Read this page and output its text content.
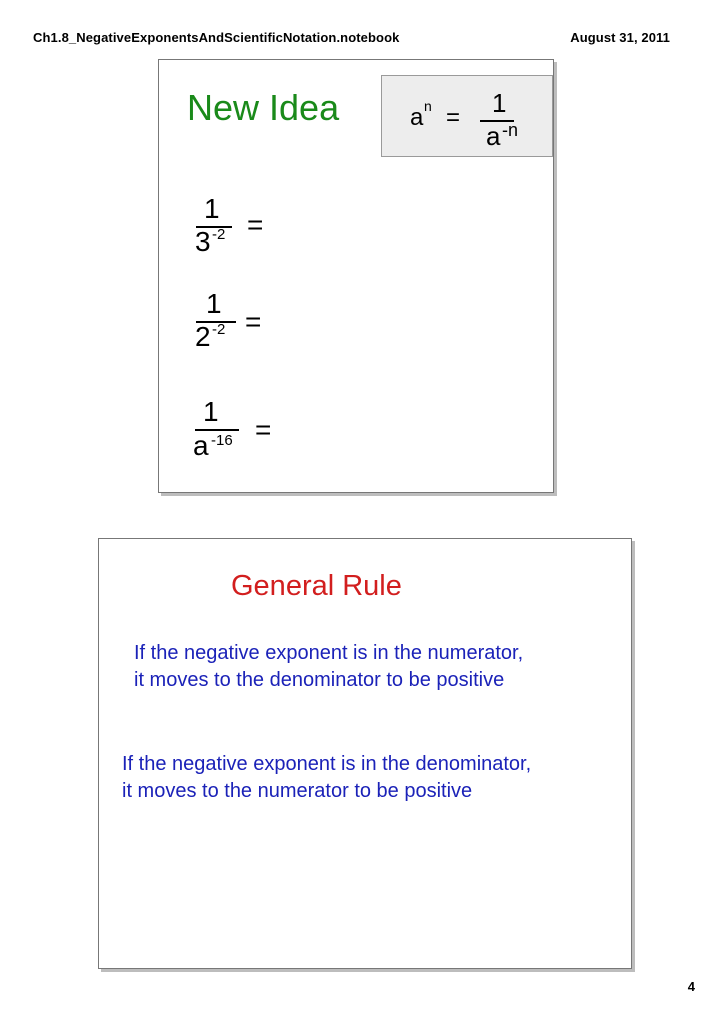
Ch1.8_NegativeExponentsAndScientificNotation.notebook	August 31, 2011
New Idea	a n = 1
a -n
1
3 -2 =
1
2 -2 =
1
a -16 =
General Rule
If the negative exponent is in the numerator,
it moves to the denominator to be positive
If the negative exponent is in the denominator,
it moves to the numerator to be positive
4
